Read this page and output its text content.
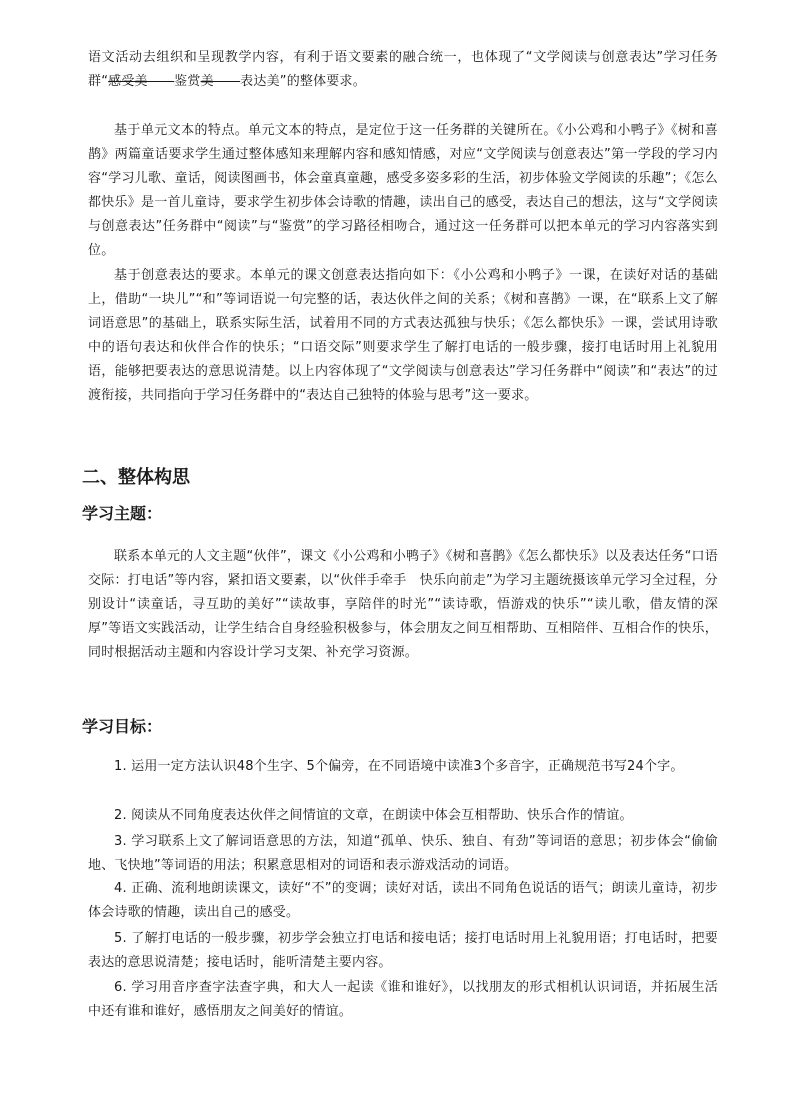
语文活动去组织和呈现教学内容，有利于语文要素的融合统一，也体现了“文学阅读与创意表达”学习任务群“感受美——鉴赏美——表达美”的整体要求。

基于单元文本的特点。单元文本的特点，是定位于这一任务群的关键所在。《小公鸡和小鸭子》《树和喜鹊》两篇童话要求学生通过整体感知来理解内容和感知情感，对应“文学阅读与创意表达”第一学段的学习内容“学习儿歌、童话，阅读图画书，体会童真童趣，感受多姿多彩的生活，初步体验文学阅读的乐趣”；《怎么都快乐》是一首儿童诗，要求学生初步体会诗歌的情趣，读出自己的感受，表达自己的想法，这与“文学阅读与创意表达”任务群中“阅读”与“鉴赏”的学习路径相吻合，通过这一任务群可以把本单元的学习内容落实到位。

基于创意表达的要求。本单元的课文创意表达指向如下：《小公鸡和小鸭子》一课，在读好对话的基础上，借助“一块儿”“和”等词语说一句完整的话，表达伙伴之间的关系；《树和喜鹊》一课，在“联系上文了解词语意思”的基础上，联系实际生活，试着用不同的方式表达孤独与快乐；《怎么都快乐》一课，尝试用诗歌中的语句表达和伙伴合作的快乐；“口语交际”则要求学生了解打电话的一般步骤，接打电话时用上礼貌用语，能够把要表达的意思说清楚。以上内容体现了“文学阅读与创意表达”学习任务群中“阅读”和“表达”的过渡衔接，共同指向于学习任务群中的“表达自己独特的体验与思考”这一要求。

二、整体构思
学习主题：

联系本单元的人文主题“伙伴”，课文《小公鸡和小鸭子》《树和喜鹊》《怎么都快乐》以及表达任务“口语交际：打电话”等内容，紧扣语文要素，以“伙伴手牵手　快乐向前走”为学习主题统摄该单元学习全过程，分别设计“读童话，寻互助的美好”“读故事，享陪伴的时光”“读诗歌，悟游戏的快乐”“读儿歌，借友情的深厚”等语文实践活动，让学生结合自身经验积极参与，体会朋友之间互相帮助、互相陪伴、互相合作的快乐，同时根据活动主题和内容设计学习支架、补充学习资源。

学习目标：

1. 运用一定方法认识48个生字、5个偏旁，在不同语境中读准3个多音字，正确规范书写24个字。

2. 阅读从不同角度表达伙伴之间情谊的文章，在朗读中体会互相帮助、快乐合作的情谊。

3. 学习联系上文了解词语意思的方法，知道“孤单、快乐、独自、有劲”等词语的意思；初步体会“偷偷地、飞快地”等词语的用法；积累意思相对的词语和表示游戏活动的词语。

4. 正确、流利地朗读课文，读好“不”的变调；读好对话，读出不同角色说话的语气；朗读儿童诗，初步体会诗歌的情趣，读出自己的感受。

5. 了解打电话的一般步骤，初步学会独立打电话和接电话；接打电话时用上礼貌用语；打电话时，把要表达的意思说清楚；接电话时，能听清楚主要内容。

6. 学习用音序查字法查字典，和大人一起读《谁和谁好》，以找朋友的形式相机认识词语，并拓展生活中还有谁和谁好，感悟朋友之间美好的情谊。
